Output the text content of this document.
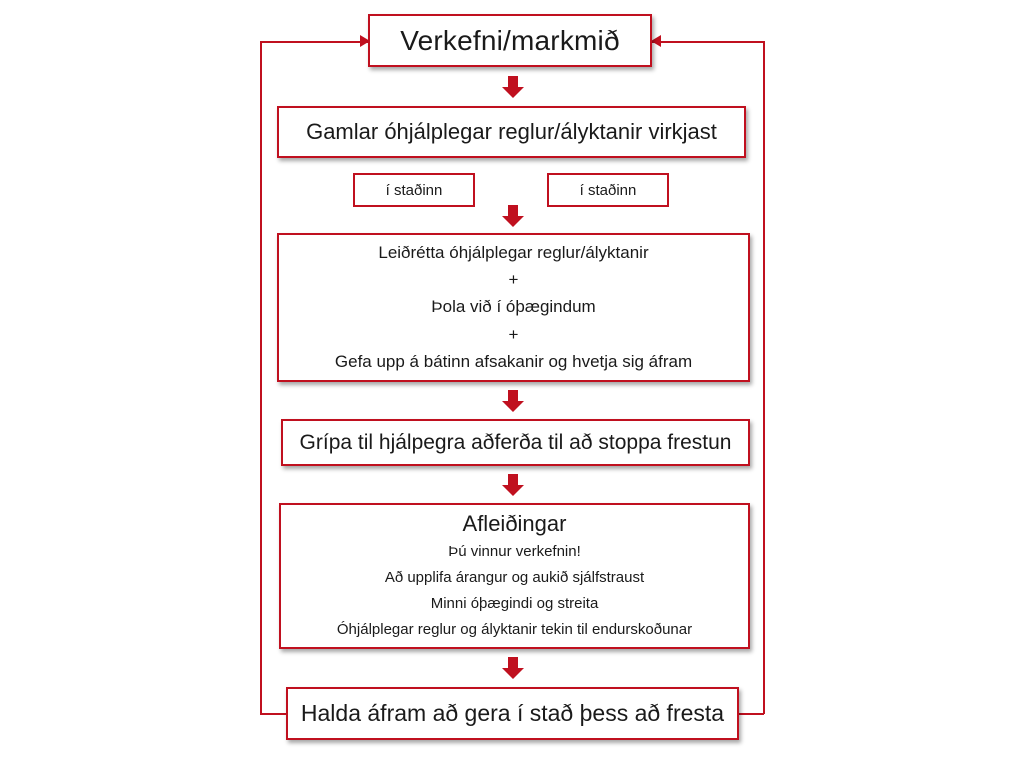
Verkefni/markmið
Gamlar óhjálplegar reglur/ályktanir virkjast
í staðinn	í staðinn
Leiðrétta óhjálplegar reglur/ályktanir
+
Þola við í óþægindum
+
Gefa upp á bátinn afsakanir og hvetja sig áfram
Grípa til hjálpegra aðferða til að stoppa frestun
Afleiðingar
Þú vinnur verkefnin!
Að upplifa árangur og aukið sjálfstraust
Minni óþægindi og streita
Óhjálplegar reglur og ályktanir tekin til endurskoðunar
Halda áfram að gera í stað þess að fresta
